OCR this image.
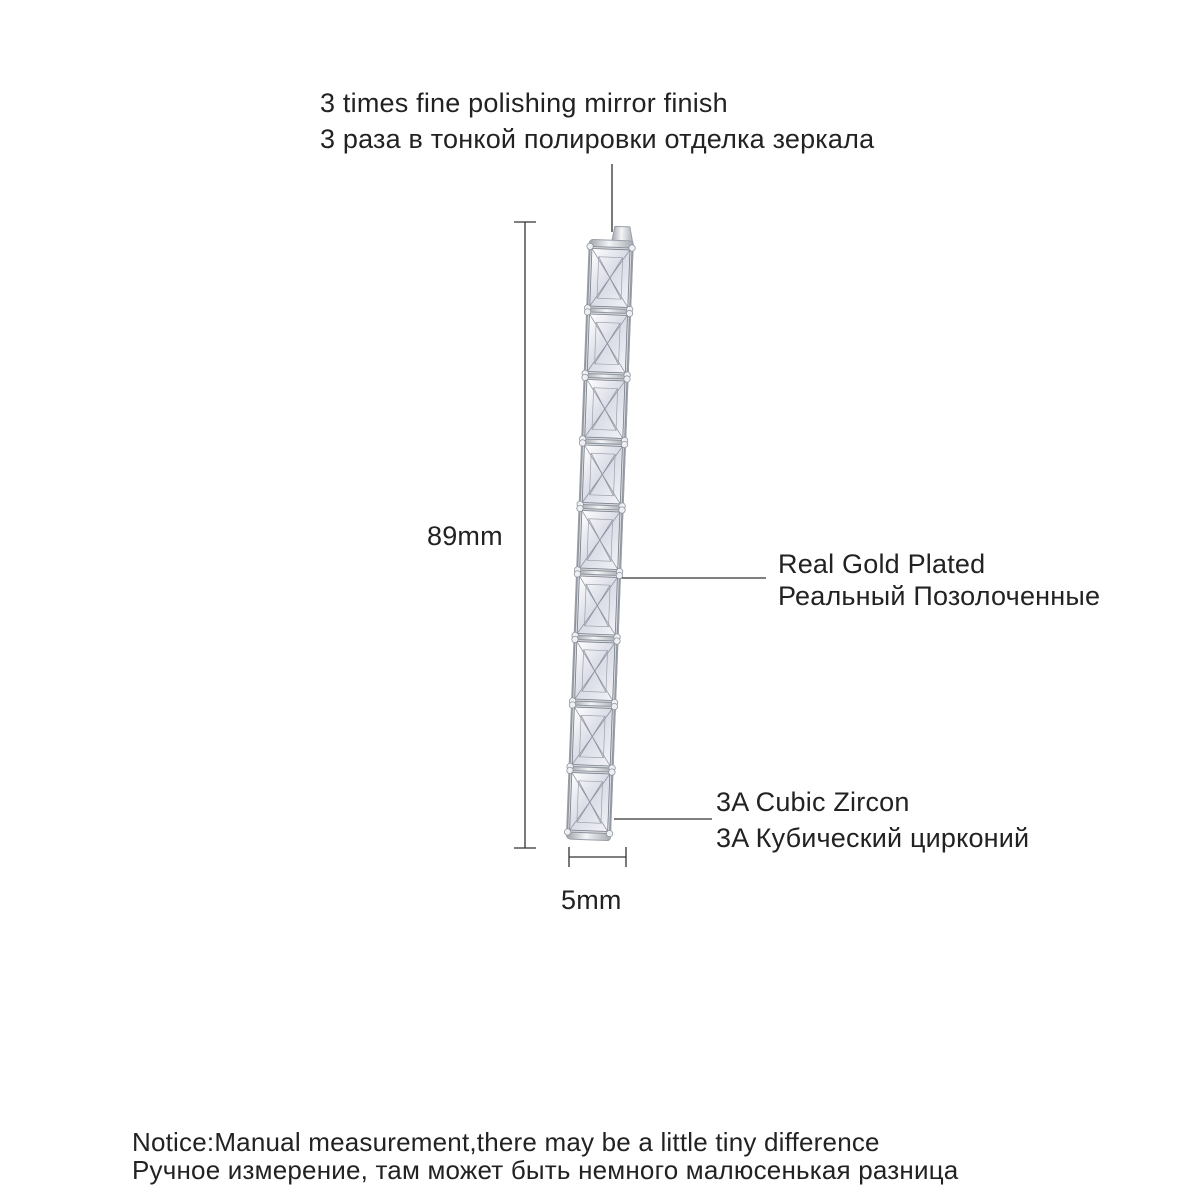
3 times fine polishing mirror finish
3 раза в тонкой полировки отделка зеркала
Real Gold Plated
Реальный Позолоченные
3A Cubic Zircon
3A Кубический цирконий
89mm
5mm
Notice:Manual measurement,there may be a little tiny difference
Ручное измерение, там может быть немного малюсенькая разница
